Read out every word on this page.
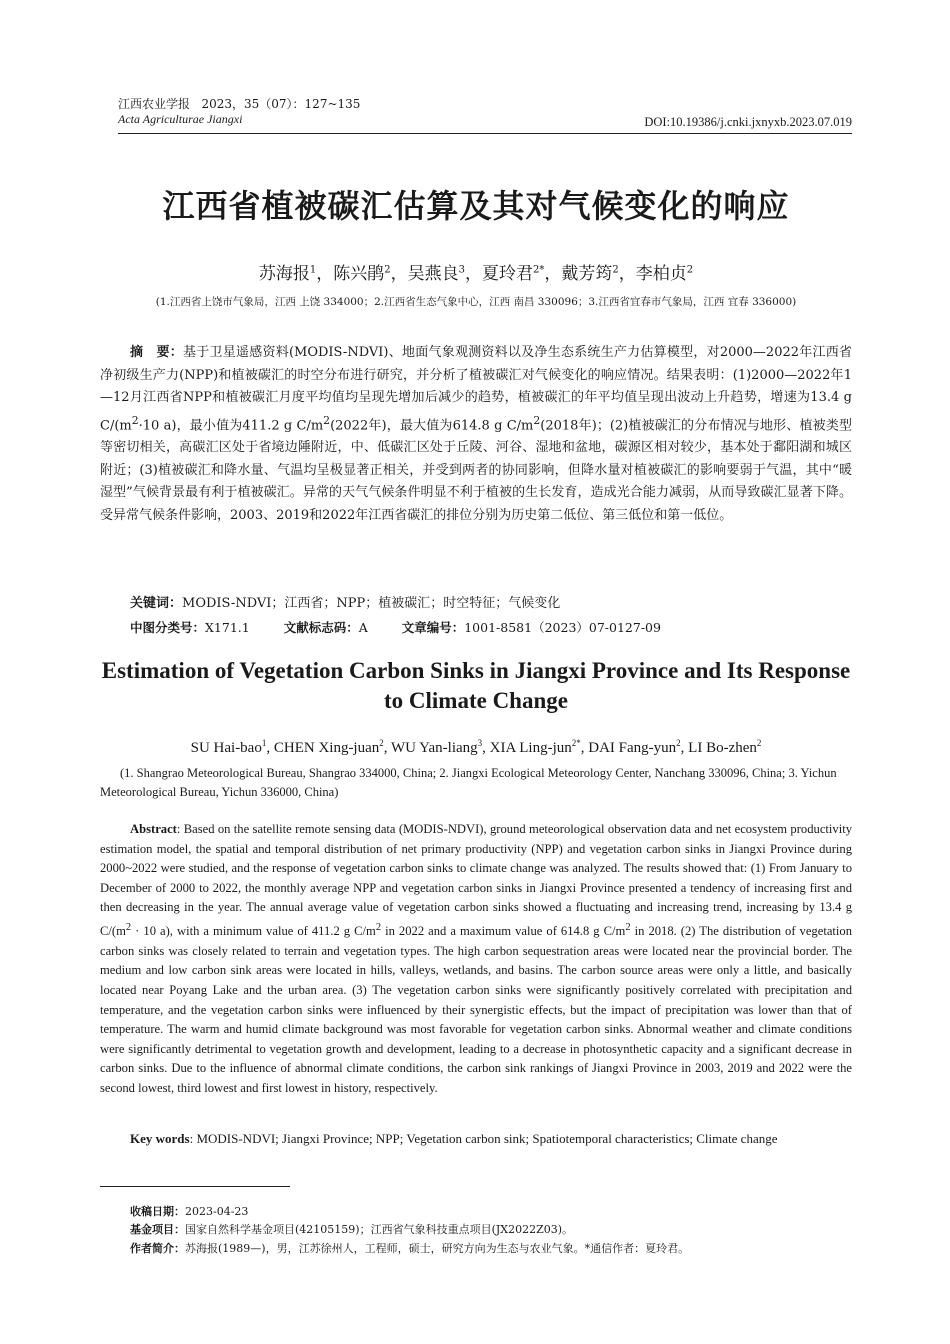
江西农业学报 2023，35（07）：127~135
Acta Agriculturae Jiangxi	DOI:10.19386/j.cnki.jxnyxb.2023.07.019
江西省植被碳汇估算及其对气候变化的响应
苏海报$^1$，陈兴鹃$^2$，吴燕良$^3$，夏玲君$^{2*}$，戴芳筠$^2$，李柏贞$^2$
(1.江西省上饶市气象局，江西 上饶 334000；2.江西省生态气象中心，江西 南昌 330096；3.江西省宜春市气象局，江西 宜春 336000)

摘　要：基于卫星遥感资料(MODIS-NDVI)、地面气象观测资料以及净生态系统生产力估算模型，对2000—2022年江西省净初级生产力(NPP)和植被碳汇的时空分布进行研究，并分析了植被碳汇对气候变化的响应情况。结果表明：(1)2000—2022年1—12月江西省NPP和植被碳汇月度平均值均呈现先增加后减少的趋势，植被碳汇的年平均值呈现出波动上升趋势，增速为13.4 g $C/(m^2\cdot 10$ a)，最小值为411.2 g $C/m^2(2022$年)，最大值为614.8 g $C/m^2(2018$年)；(2)植被碳汇的分布情况与地形、植被类型等密切相关，高碳汇区处于省境边陲附近，中、低碳汇区处于丘陵、河谷、湿地和盆地，碳源区相对较少，基本处于鄱阳湖和城区附近；(3)植被碳汇和降水量、气温均呈极显著正相关，并受到两者的协同影响，但降水量对植被碳汇的影响要弱于气温，其中“暖湿型”气候背景最有利于植被碳汇。异常的天气气候条件明显不利于植被的生长发育，造成光合能力减弱，从而导致碳汇显著下降。受异常气候条件影响，2003、2019和2022年江西省碳汇的排位分别为历史第二低位、第三低位和第一低位。

关键词：MODIS-NDVI；江西省；NPP；植被碳汇；时空特征；气候变化
中图分类号：X171.1	文献标志码：A	文章编号：1001-8581（2023）07-0127-09
Estimation of Vegetation Carbon Sinks in Jiangxi Province and Its Response to Climate Change
SU Hai-bao$^1$, CHEN Xing-juan$^2$, WU Yan-liang$^3$, XIA Ling-jun$^{2*}$, DAI Fang-yun$^2$, LI Bo-zhen$^2$
(1. Shangrao Meteorological Bureau, Shangrao 334000, China; 2. Jiangxi Ecological Meteorology Center, Nanchang 330096, China; 3. Yichun Meteorological Bureau, Yichun 336000, China)

Abstract: Based on the satellite remote sensing data (MODIS-NDVI), ground meteorological observation data and net ecosystem productivity estimation model, the spatial and temporal distribution of net primary productivity (NPP) and vegetation carbon sinks in Jiangxi Province during 2000~2022 were studied, and the response of vegetation carbon sinks to climate change was analyzed. The results showed that: (1) From January to December of 2000 to 2022, the monthly average NPP and vegetation carbon sinks in Jiangxi Province presented a tendency of increasing first and then decreasing in the year. The annual average value of vegetation carbon sinks showed a fluctuating and increasing trend, increasing by 13.4 g $C/(m^2 \cdot 10$ a), with a minimum value of 411.2 g $C/m^2$ in 2022 and a maximum value of 614.8 g $C/m^2$ in 2018. (2) The distribution of vegetation carbon sinks was closely related to terrain and vegetation types. The high carbon sequestration areas were located near the provincial border. The medium and low carbon sink areas were located in hills, valleys, wetlands, and basins. The carbon source areas were only a little, and basically located near Poyang Lake and the urban area. (3) The vegetation carbon sinks were significantly positively correlated with precipitation and temperature, and the vegetation carbon sinks were influenced by their synergistic effects, but the impact of precipitation was lower than that of temperature. The warm and humid climate background was most favorable for vegetation carbon sinks. Abnormal weather and climate conditions were significantly detrimental to vegetation growth and development, leading to a decrease in photosynthetic capacity and a significant decrease in carbon sinks. Due to the influence of abnormal climate conditions, the carbon sink rankings of Jiangxi Province in 2003, 2019 and 2022 were the second lowest, third lowest and first lowest in history, respectively.

Key words: MODIS-NDVI; Jiangxi Province; NPP; Vegetation carbon sink; Spatiotemporal characteristics; Climate change
收稿日期：2023-04-23
基金项目：国家自然科学基金项目(42105159)；江西省气象科技重点项目(JX2022Z03)。
作者简介：苏海报(1989—)，男，江苏徐州人，工程师，硕士，研究方向为生态与农业气象。*通信作者：夏玲君。
